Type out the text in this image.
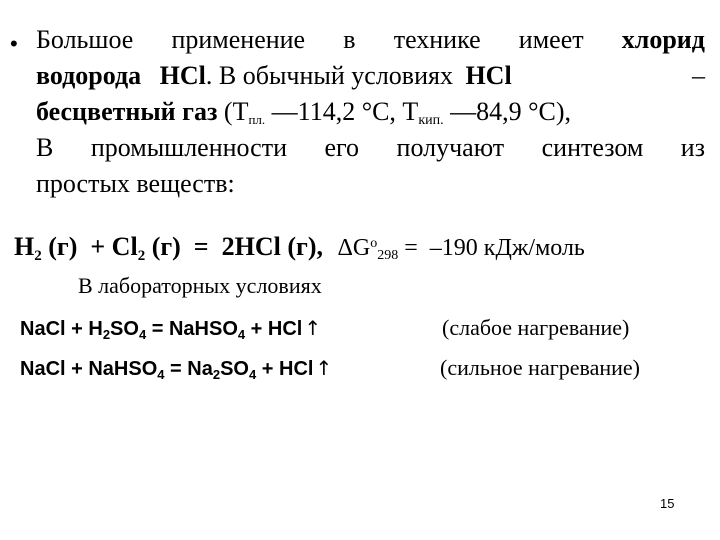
• Большое применение в технике имеет хлорид
водорода HCl. В обычный условиях HCl	–
бесцветный газ ($Т_{пл.}$ —114,2 °С, Ткип. —84,9 °С),
В промышленности его получают синтезом из
простых веществ:
H2 (г)  + Cl2 (г)  =  2HCl (г), $\Delta G^o298 = -190$ кДж/моль
В лабораторных условиях
NaCl + $H_2SO_4$ = NaHSO$_4$ + HCl ↑	(слабое нагревание)
NaCl + NaHSO$_4$ = $Na_2SO_4$ + HCl ↑	(сильное нагревание)
15
